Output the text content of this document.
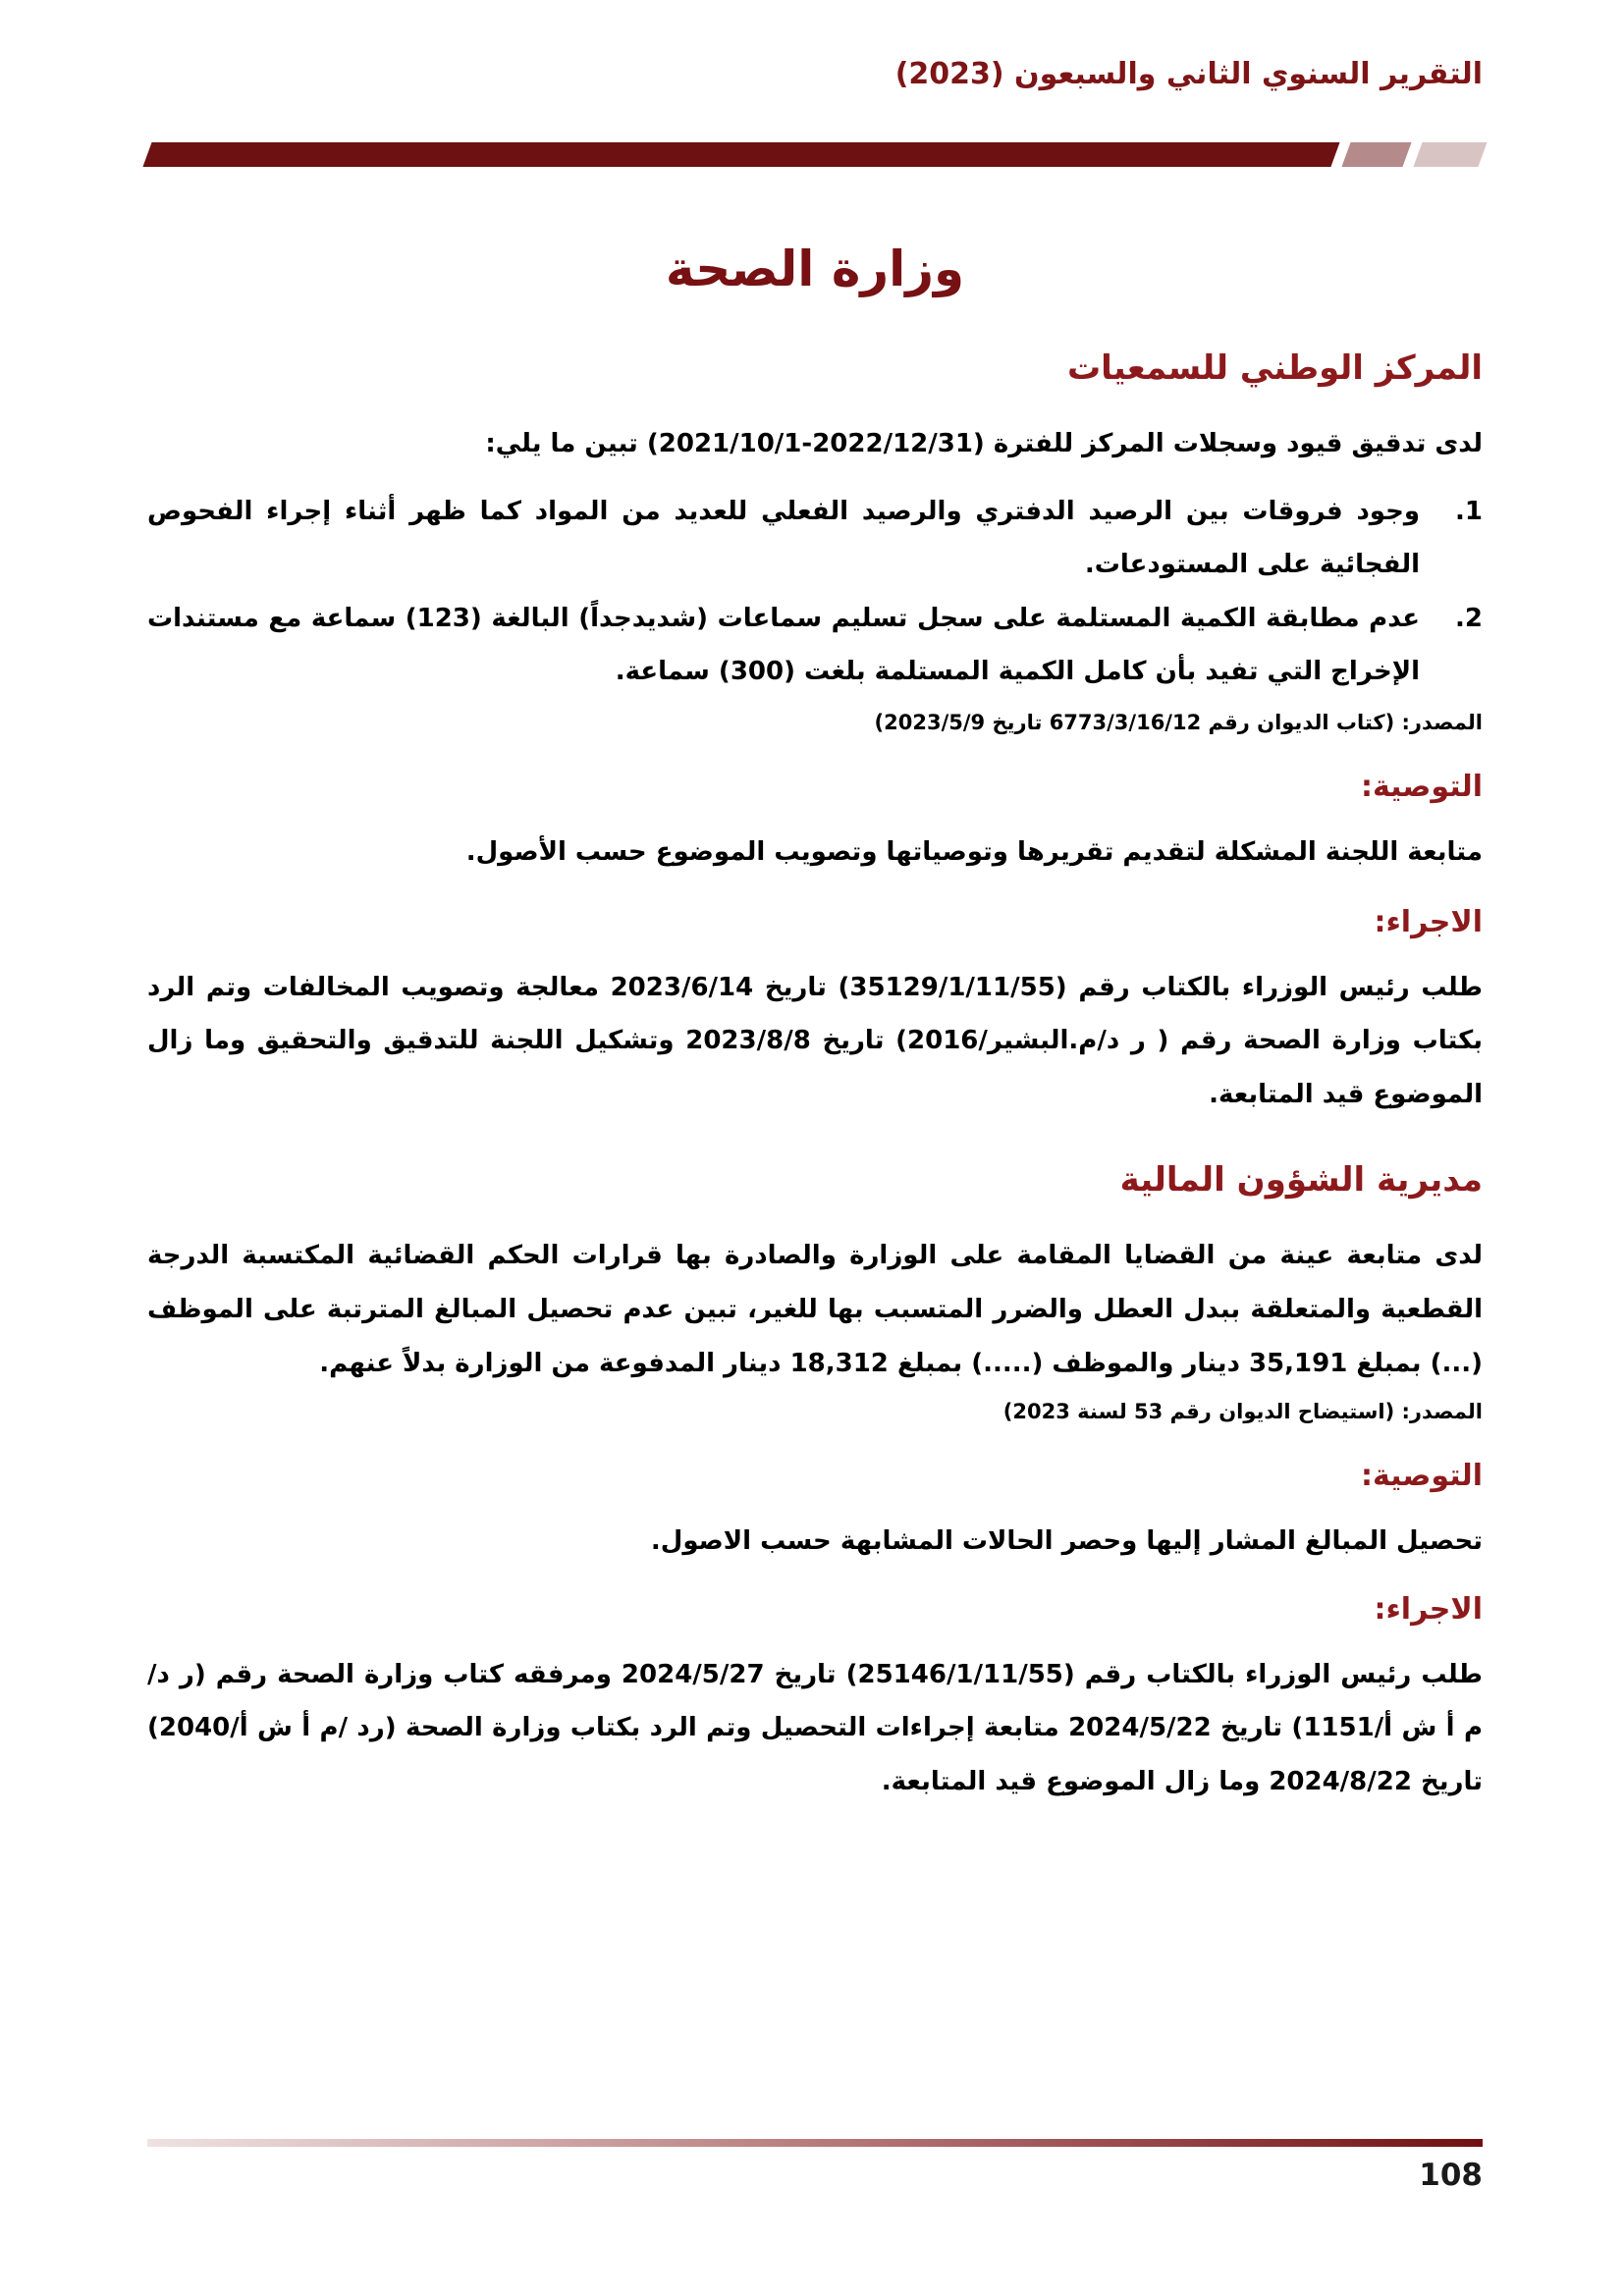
التقرير السنوي الثاني والسبعون (2023)
وزارة الصحة
المركز الوطني للسمعيات

لدى تدقيق قيود وسجلات المركز للفترة (2022/12/31-2021/10/1) تبين ما يلي:

1.
وجود فروقات بين الرصيد الدفتري والرصيد الفعلي للعديد من المواد كما ظهر أثناء إجراء الفحوص الفجائية على المستودعات.
2.
عدم مطابقة الكمية المستلمة على سجل تسليم سماعات (شديدجداً) البالغة (123) سماعة مع مستندات الإخراج التي تفيد بأن كامل الكمية المستلمة بلغت (300) سماعة.
المصدر: (كتاب الديوان رقم 6773/3/16/12 تاريخ 2023/5/9)
التوصية:

متابعة اللجنة المشكلة لتقديم تقريرها وتوصياتها وتصويب الموضوع حسب الأصول.

الاجراء:

طلب رئيس الوزراء بالكتاب رقم (35129/1/11/55) تاريخ 2023/6/14 معالجة وتصويب المخالفات وتم الرد بكتاب وزارة الصحة رقم ( ر د/م.البشير/2016) تاريخ 2023/8/8 وتشكيل اللجنة للتدقيق والتحقيق وما زال الموضوع قيد المتابعة.

مديرية الشؤون المالية

لدى متابعة عينة من القضايا المقامة على الوزارة والصادرة بها قرارات الحكم القضائية المكتسبة الدرجة القطعية والمتعلقة ببدل العطل والضرر المتسبب بها للغير، تبين عدم تحصيل المبالغ المترتبة على الموظف (...) بمبلغ 35,191 دينار والموظف (.....) بمبلغ 18,312 دينار المدفوعة من الوزارة بدلاً عنهم.

المصدر: (استيضاح الديوان رقم 53 لسنة 2023)
التوصية:

تحصيل المبالغ المشار إليها وحصر الحالات المشابهة حسب الاصول.

الاجراء:

طلب رئيس الوزراء بالكتاب رقم (25146/1/11/55) تاريخ 2024/5/27 ومرفقه كتاب وزارة الصحة رقم (ر د/م أ ش أ/1151) تاريخ 2024/5/22 متابعة إجراءات التحصيل وتم الرد بكتاب وزارة الصحة (رد /م أ ش أ/2040) تاريخ 2024/8/22 وما زال الموضوع قيد المتابعة.

108
